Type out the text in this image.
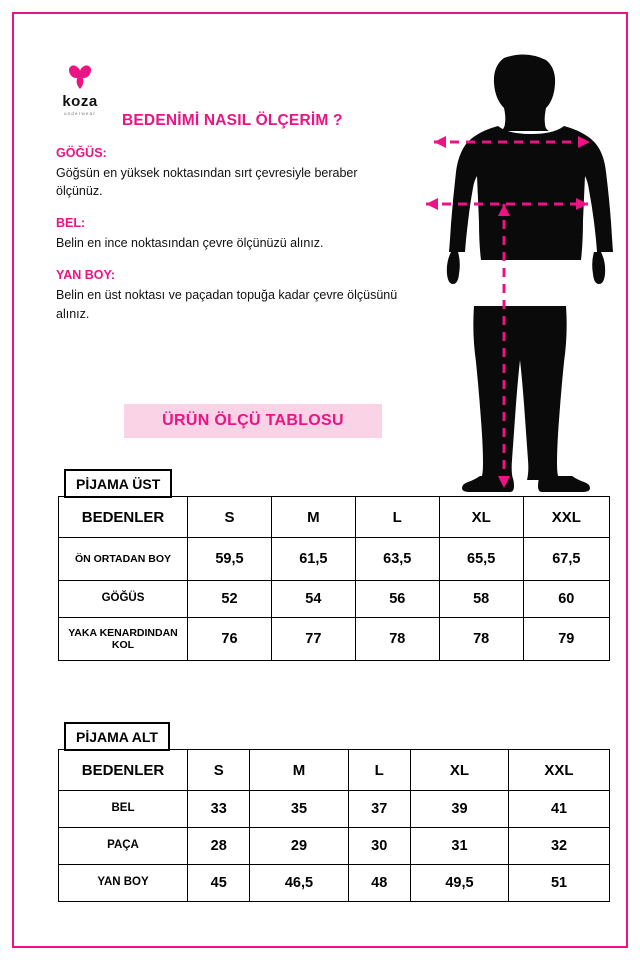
koza
underwear	BEDENİMİ NASIL ÖLÇERİM ?
GÖĞÜS:
Göğsün en yüksek noktasından sırt çevresiyle beraber ölçünüz.
BEL:
Belin en ince noktasından çevre ölçünüzü alınız.
YAN BOY:
Belin en üst noktası ve paçadan topuğa kadar çevre ölçüsünü alınız.
ÜRÜN ÖLÇÜ TABLOSU
PİJAMA ÜST
BEDENLER	S	M	L	XL	XXL
ÖN ORTADAN BOY	59,5	61,5	63,5	65,5	67,5
GÖĞÜS	52	54	56	58	60
YAKA KENARDINDAN KOL	76	77	78	78	79
PİJAMA ALT
BEDENLER	S	M	L	XL	XXL
BEL	33	35	37	39	41
PAÇA	28	29	30	31	32
YAN BOY	45	46,5	48	49,5	51
